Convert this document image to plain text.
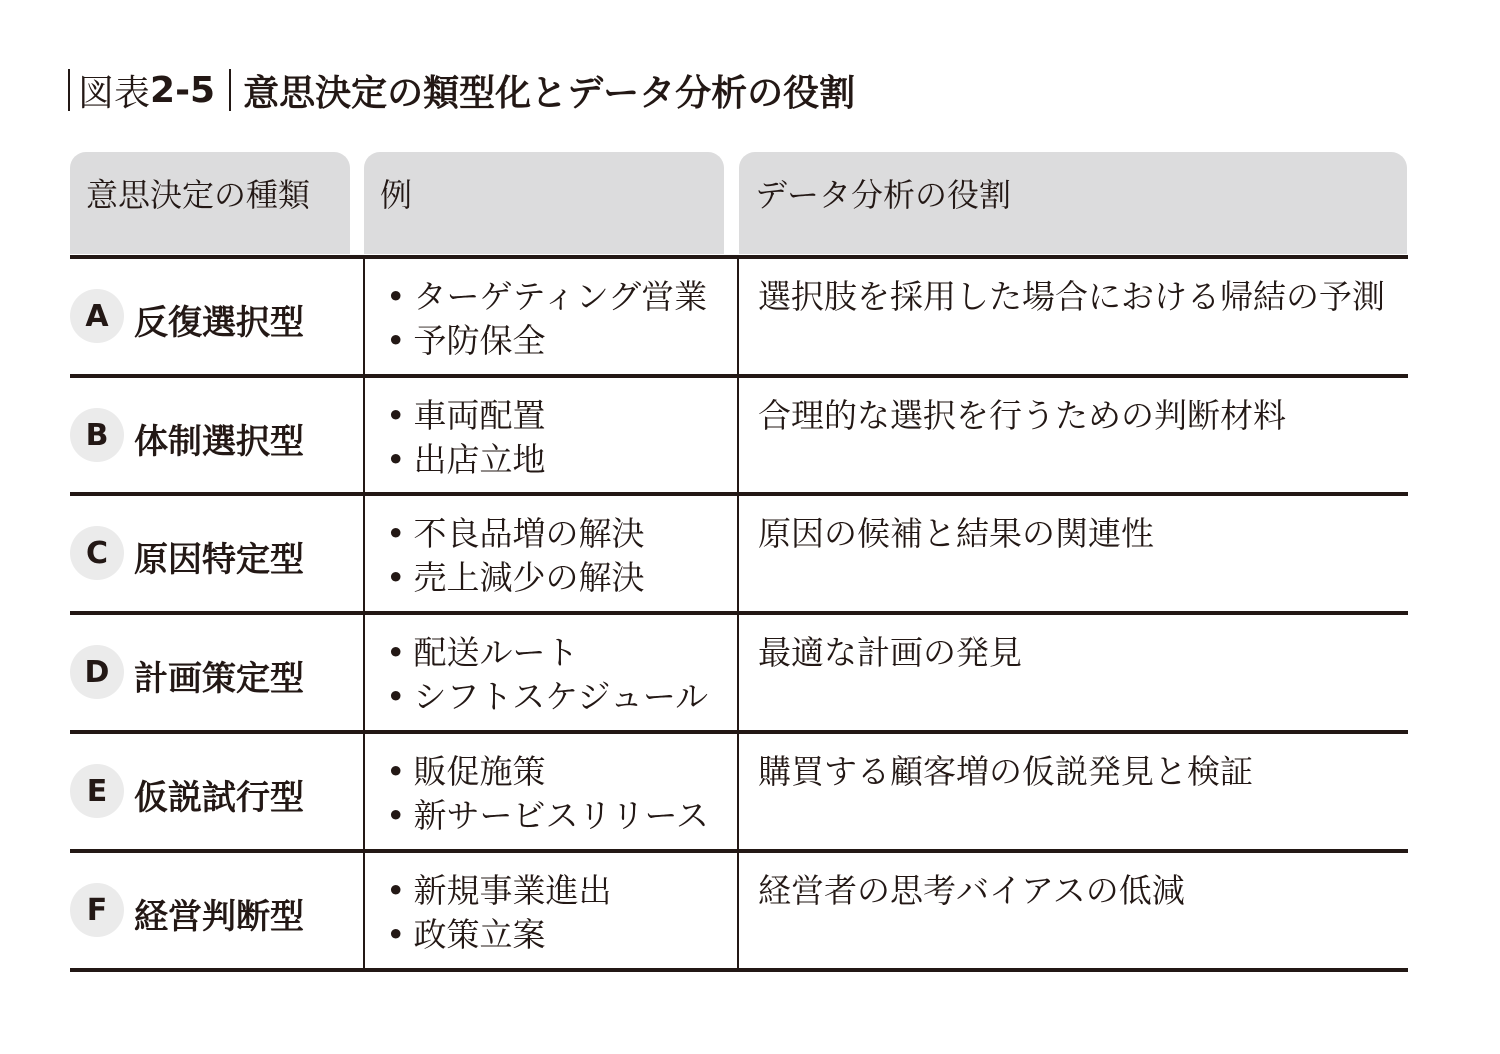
図表 2-5 意思決定の類型化とデータ分析の役割
意思決定の種類	例	データ分析の役割
A 反復選択型
• ターゲティング営業
• 予防保全
選択肢を採用した場合における帰結の予測
B 体制選択型
• 車両配置
• 出店立地
合理的な選択を行うための判断材料
C 原因特定型
• 不良品増の解決
• 売上減少の解決
原因の候補と結果の関連性
D 計画策定型
• 配送ルート
• シフトスケジュール
最適な計画の発見
E 仮説試行型
• 販促施策
• 新サービスリリース
購買する顧客増の仮説発見と検証
F 経営判断型
• 新規事業進出
• 政策立案
経営者の思考バイアスの低減
